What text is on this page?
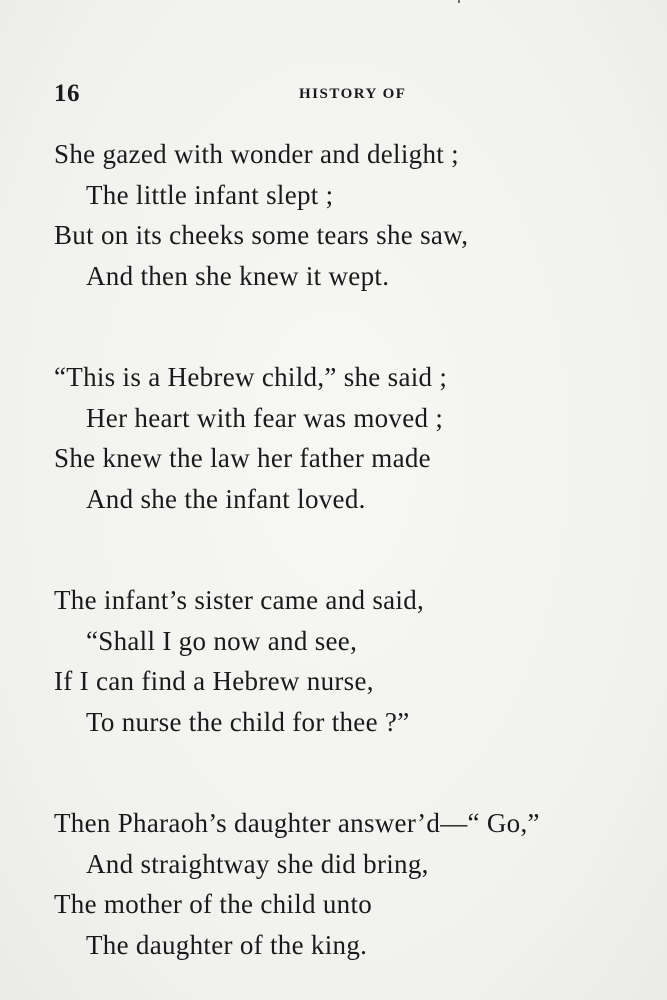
16	HISTORY OF
She gazed with wonder and delight ;
The little infant slept ;
But on its cheeks some tears she saw,
And then she knew it wept.
“This is a Hebrew child,” she said ;
Her heart with fear was moved ;
She knew the law her father made
And she the infant loved.
The infant’s sister came and said,
“Shall I go now and see,
If I can find a Hebrew nurse,
To nurse the child for thee ?”
Then Pharaoh’s daughter answer’d—“ Go,”
And straightway she did bring,
The mother of the child unto
The daughter of the king.
